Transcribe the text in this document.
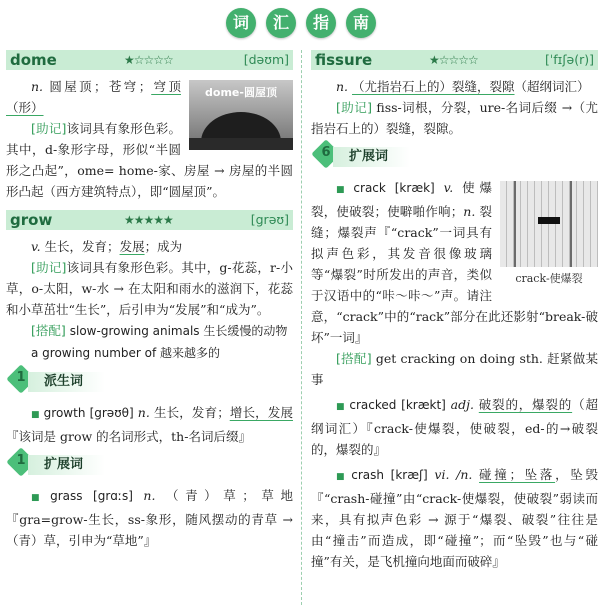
词 汇 指 南
dome	★☆☆☆☆	[dəʊm]
dome-圆屋顶

n. 圆屋顶；苍穹；穹顶（形）

[助记]该词具有象形色彩。其中，d-象形字母，形似“半圆形之凸起”，ome= home-家、房屋 → 房屋的半圆形凸起（西方建筑特点），即“圆屋顶”。

grow	★★★★★	[grəʊ]

v. 生长，发育；发展；成为

[助记]该词具有象形色彩。其中，g-花蕊，r-小草，o-太阳，w-水 → 在太阳和雨水的滋润下，花蕊和小草茁壮“生长”，后引申为“发展”和“成为”。

[搭配] slow-growing animals 生长缓慢的动物

a growing number of 越来越多的

派生词
1

■ growth [grəʊθ] n. 生长，发育；增长，发展『该词是 grow 的名词形式，th-名词后缀』

扩展词
1

■ grass [grɑːs] n. （青）草；草地『gra=grow-生长，ss-象形，随风摆动的青草 →（青）草，引申为“草地”』

fissure	★☆☆☆☆	[ˈfɪʃə(r)]

n. （尤指岩石上的）裂缝，裂隙（超纲词汇）

[助记] fiss-词根，分裂，ure-名词后缀 →（尤指岩石上的）裂缝，裂隙。

扩展词
6
crack-使爆裂

■ crack [kræk] v. 使爆裂，使破裂；使噼啪作响；n. 裂缝；爆裂声『“crack”一词具有拟声色彩，其发音很像玻璃等“爆裂”时所发出的声音，类似于汉语中的“咔～咔～”声。请注意，“crack”中的“rack”部分在此还影射“break-破坏”一词』

[搭配] get cracking on doing sth. 赶紧做某事

■ cracked [krækt] adj. 破裂的，爆裂的（超纲词汇）『crack-使爆裂，使破裂，ed-的→破裂的，爆裂的』

■ crash [kræʃ] vi. /n. 碰撞；坠落，坠毁『“crash-碰撞”由“crack-使爆裂，使破裂”弱读而来，具有拟声色彩 → 源于“爆裂、破裂”往往是由“撞击”而造成，即“碰撞”；而“坠毁”也与“碰撞”有关，是飞机撞向地面而破碎』
